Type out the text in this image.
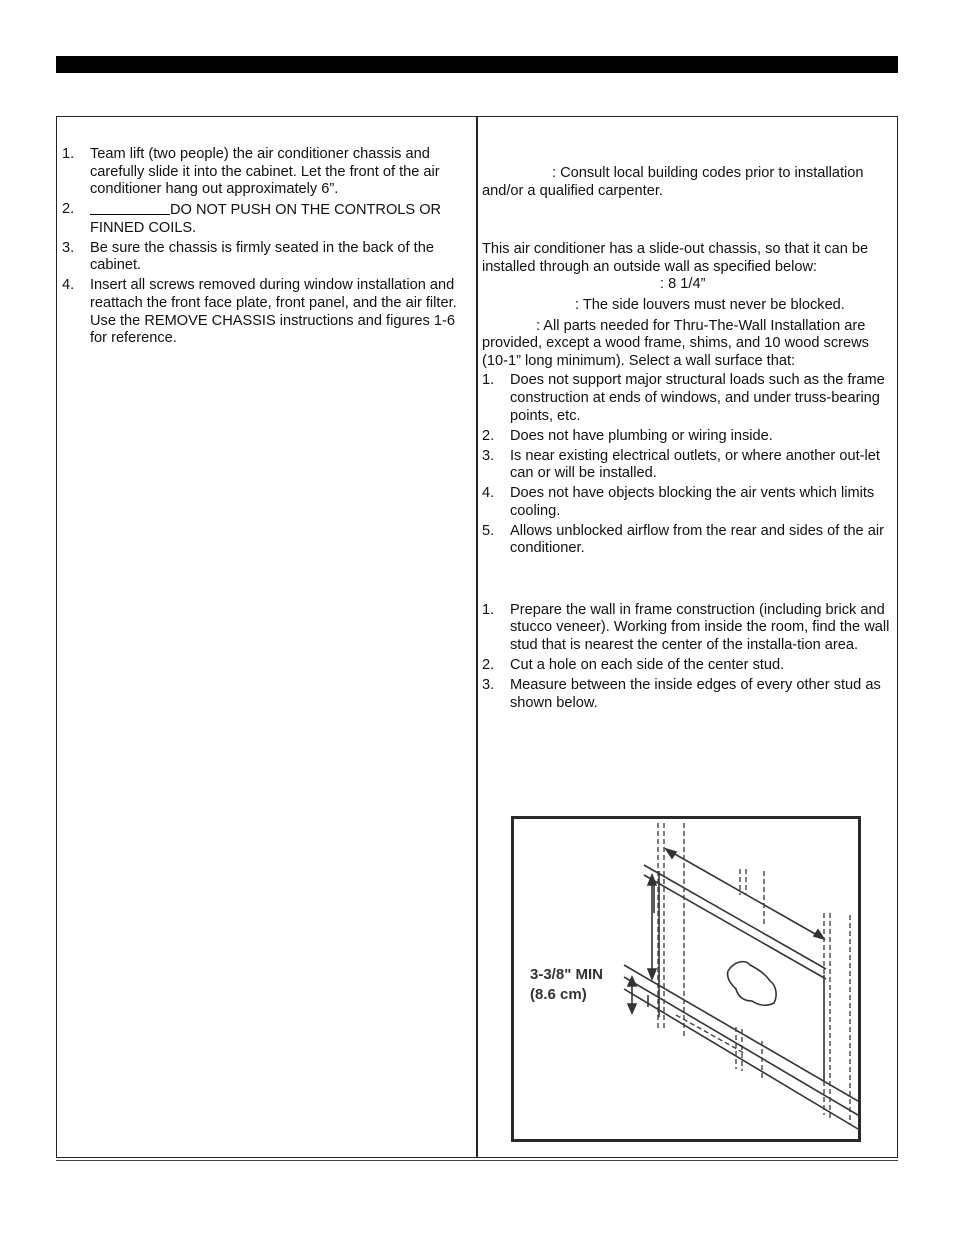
1. Team lift (two people) the air conditioner chassis and carefully slide it into the cabinet. Let the front of the air conditioner hang out approximately 6”.
2.	DO NOT PUSH ON THE CONTROLS OR FINNED COILS.
3. Be sure the chassis is firmly seated in the back of the cabinet.
4. Insert all screws removed during window installation and reattach the front face plate, front panel, and the air filter. Use the REMOVE CHASSIS instructions and figures 1-6 for reference.

: Consult local building codes prior to installation and/or a qualified carpenter.

This air conditioner has a slide-out chassis, so that it can be installed through an outside wall as specified below:

: 8 1/4”

: The side louvers must never be blocked.

: All parts needed for Thru-The-Wall Installation are provided, except a wood frame, shims, and 10 wood screws (10-1” long minimum). Select a wall surface that:

1. Does not support major structural loads such as the frame construction at ends of windows, and under truss-bearing points, etc.
2. Does not have plumbing or wiring inside.
3. Is near existing electrical outlets, or where another out-let can or will be installed.
4. Does not have objects blocking the air vents which limits cooling.
5. Allows unblocked airflow from the rear and sides of the air conditioner.
1. Prepare the wall in frame construction (including brick and stucco veneer). Working from inside the room, find the wall stud that is nearest the center of the installa-tion area.
2. Cut a hole on each side of the center stud.
3. Measure between the inside edges of every other stud as shown below.
3-3/8" MIN
(8.6 cm)
